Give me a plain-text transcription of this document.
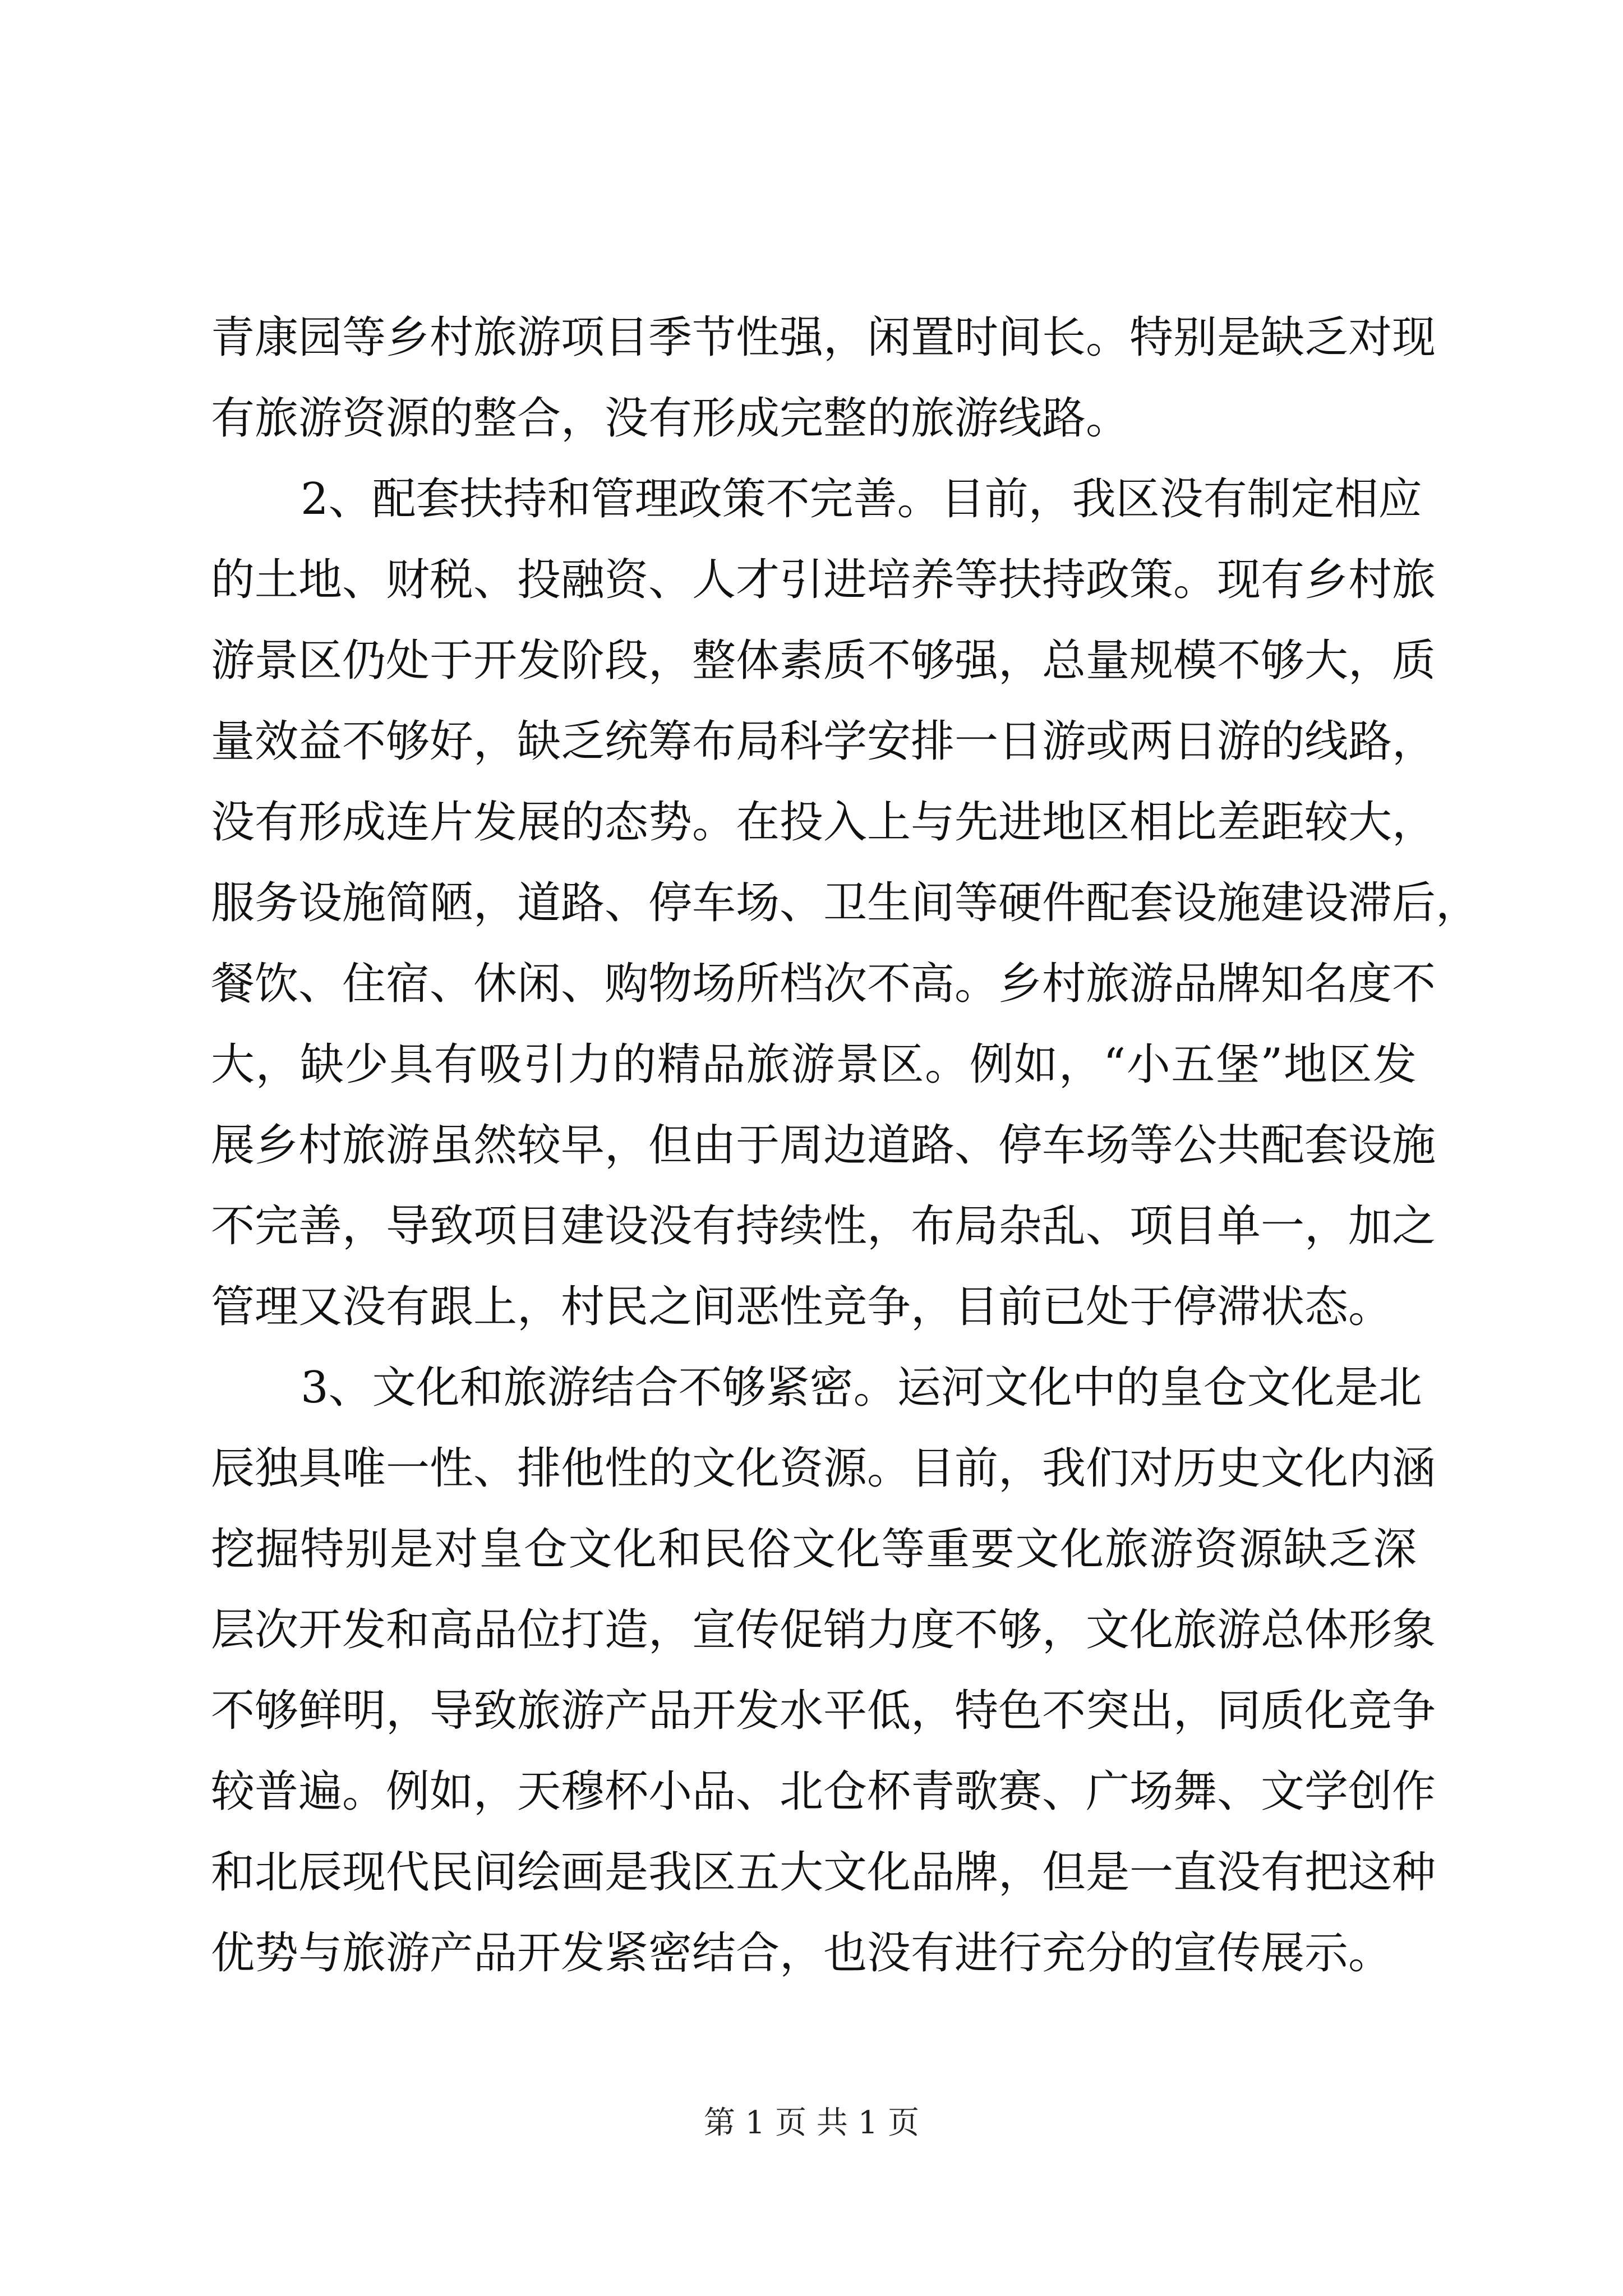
青康园等乡村旅游项目季节性强，闲置时间长。特别是缺乏对现
有旅游资源的整合，没有形成完整的旅游线路。
2、配套扶持和管理政策不完善。目前，我区没有制定相应
的土地、财税、投融资、人才引进培养等扶持政策。现有乡村旅
游景区仍处于开发阶段，整体素质不够强，总量规模不够大，质
量效益不够好，缺乏统筹布局科学安排一日游或两日游的线路，
没有形成连片发展的态势。在投入上与先进地区相比差距较大，
服务设施简陋，道路、停车场、卫生间等硬件配套设施建设滞后，
餐饮、住宿、休闲、购物场所档次不高。乡村旅游品牌知名度不
大，缺少具有吸引力的精品旅游景区。例如，“小五堡”地区发
展乡村旅游虽然较早，但由于周边道路、停车场等公共配套设施
不完善，导致项目建设没有持续性，布局杂乱、项目单一，加之
管理又没有跟上，村民之间恶性竞争，目前已处于停滞状态。
3、文化和旅游结合不够紧密。运河文化中的皇仓文化是北
辰独具唯一性、排他性的文化资源。目前，我们对历史文化内涵
挖掘特别是对皇仓文化和民俗文化等重要文化旅游资源缺乏深
层次开发和高品位打造，宣传促销力度不够，文化旅游总体形象
不够鲜明，导致旅游产品开发水平低，特色不突出，同质化竞争
较普遍。例如，天穆杯小品、北仓杯青歌赛、广场舞、文学创作
和北辰现代民间绘画是我区五大文化品牌，但是一直没有把这种
优势与旅游产品开发紧密结合，也没有进行充分的宣传展示。
第 1 页 共 1 页
